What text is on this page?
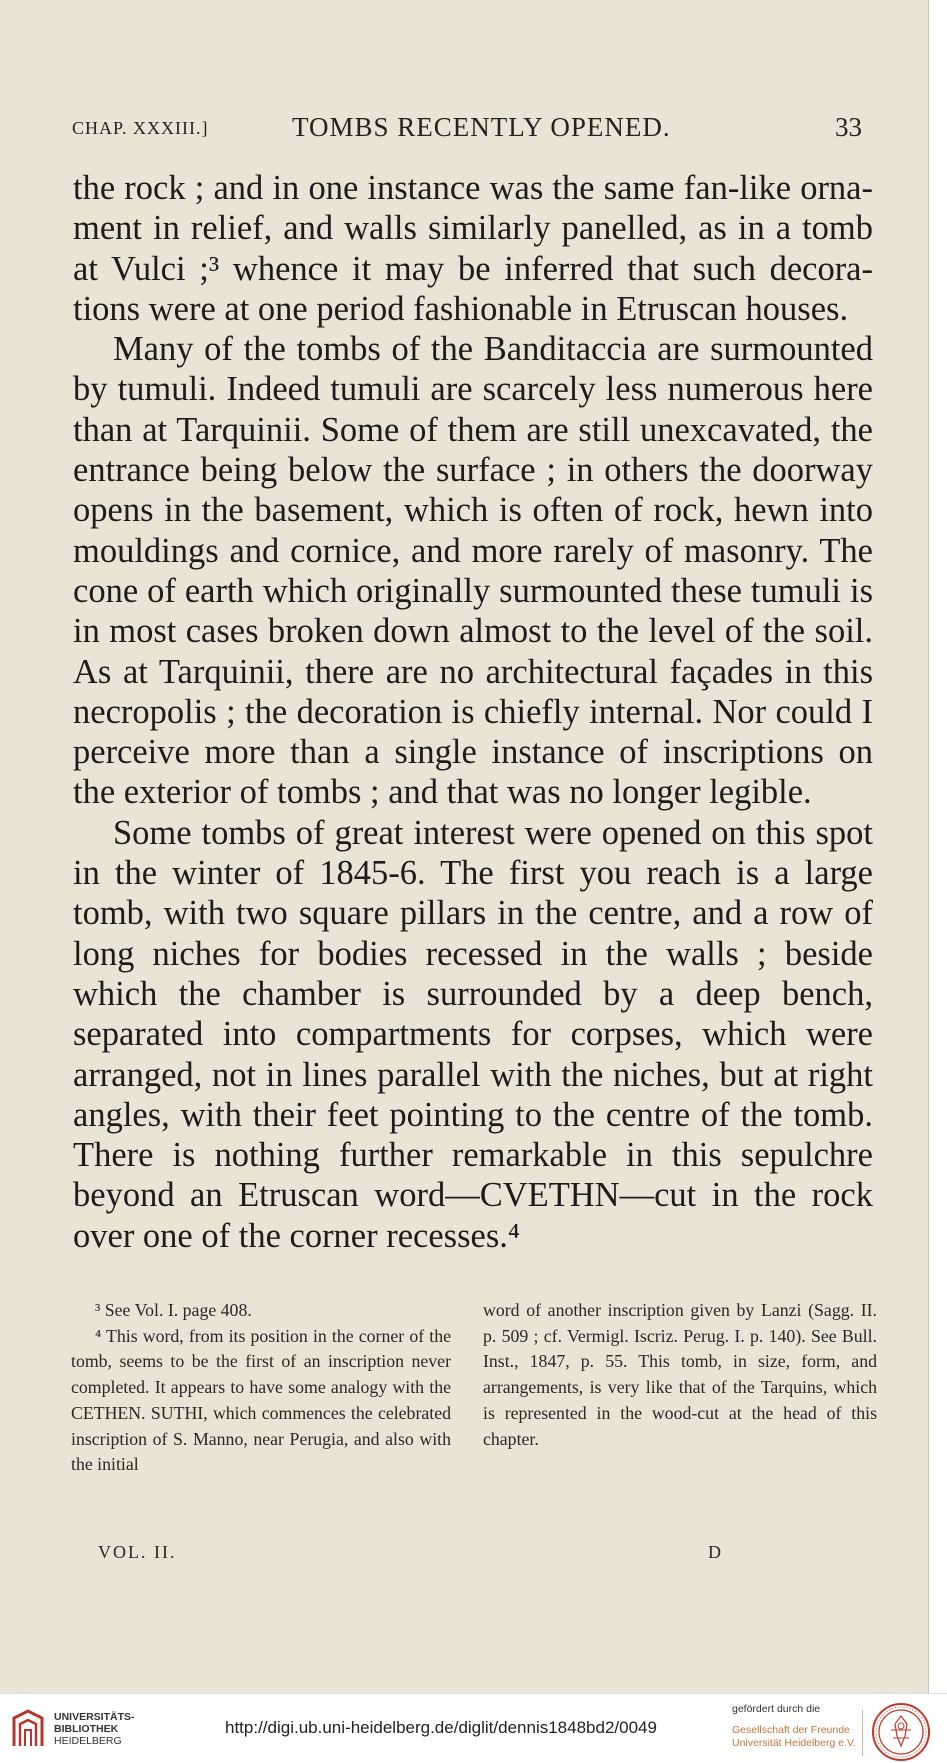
CHAP. XXXIII.]	TOMBS RECENTLY OPENED.	33

the rock ; and in one instance was the same fan-like ornament in relief, and walls similarly panelled, as in a tomb at Vulci ;³ whence it may be inferred that such decorations were at one period fashionable in Etruscan houses.

Many of the tombs of the Banditaccia are surmounted by tumuli. Indeed tumuli are scarcely less numerous here than at Tarquinii. Some of them are still unexcavated, the entrance being below the surface ; in others the doorway opens in the basement, which is often of rock, hewn into mouldings and cornice, and more rarely of masonry. The cone of earth which originally surmounted these tumuli is in most cases broken down almost to the level of the soil. As at Tarquinii, there are no architectural façades in this necropolis ; the decoration is chiefly internal. Nor could I perceive more than a single instance of inscriptions on the exterior of tombs ; and that was no longer legible.

Some tombs of great interest were opened on this spot in the winter of 1845-6. The first you reach is a large tomb, with two square pillars in the centre, and a row of long niches for bodies recessed in the walls ; beside which the chamber is surrounded by a deep bench, separated into compartments for corpses, which were arranged, not in lines parallel with the niches, but at right angles, with their feet pointing to the centre of the tomb. There is nothing further remarkable in this sepulchre beyond an Etruscan word—CVETHN—cut in the rock over one of the corner recesses.⁴

³ See Vol. I. page 408.

⁴ This word, from its position in the corner of the tomb, seems to be the first of an inscription never completed. It appears to have some analogy with the CETHEN. SUTHI, which commences the celebrated inscription of S. Manno, near Perugia, and also with the initial

word of another inscription given by Lanzi (Sagg. II. p. 509 ; cf. Vermigl. Iscriz. Perug. I. p. 140). See Bull. Inst., 1847, p. 55. This tomb, in size, form, and arrangements, is very like that of the Tarquins, which is represented in the wood-cut at the head of this chapter.

VOL. II.	D
UNIVERSITÄTS-
BIBLIOTHEK
HEIDELBERG
http://digi.ub.uni-heidelberg.de/diglit/dennis1848bd2/0049
gefördert durch die
Gesellschaft der Freunde
Universität Heidelberg e.V.
